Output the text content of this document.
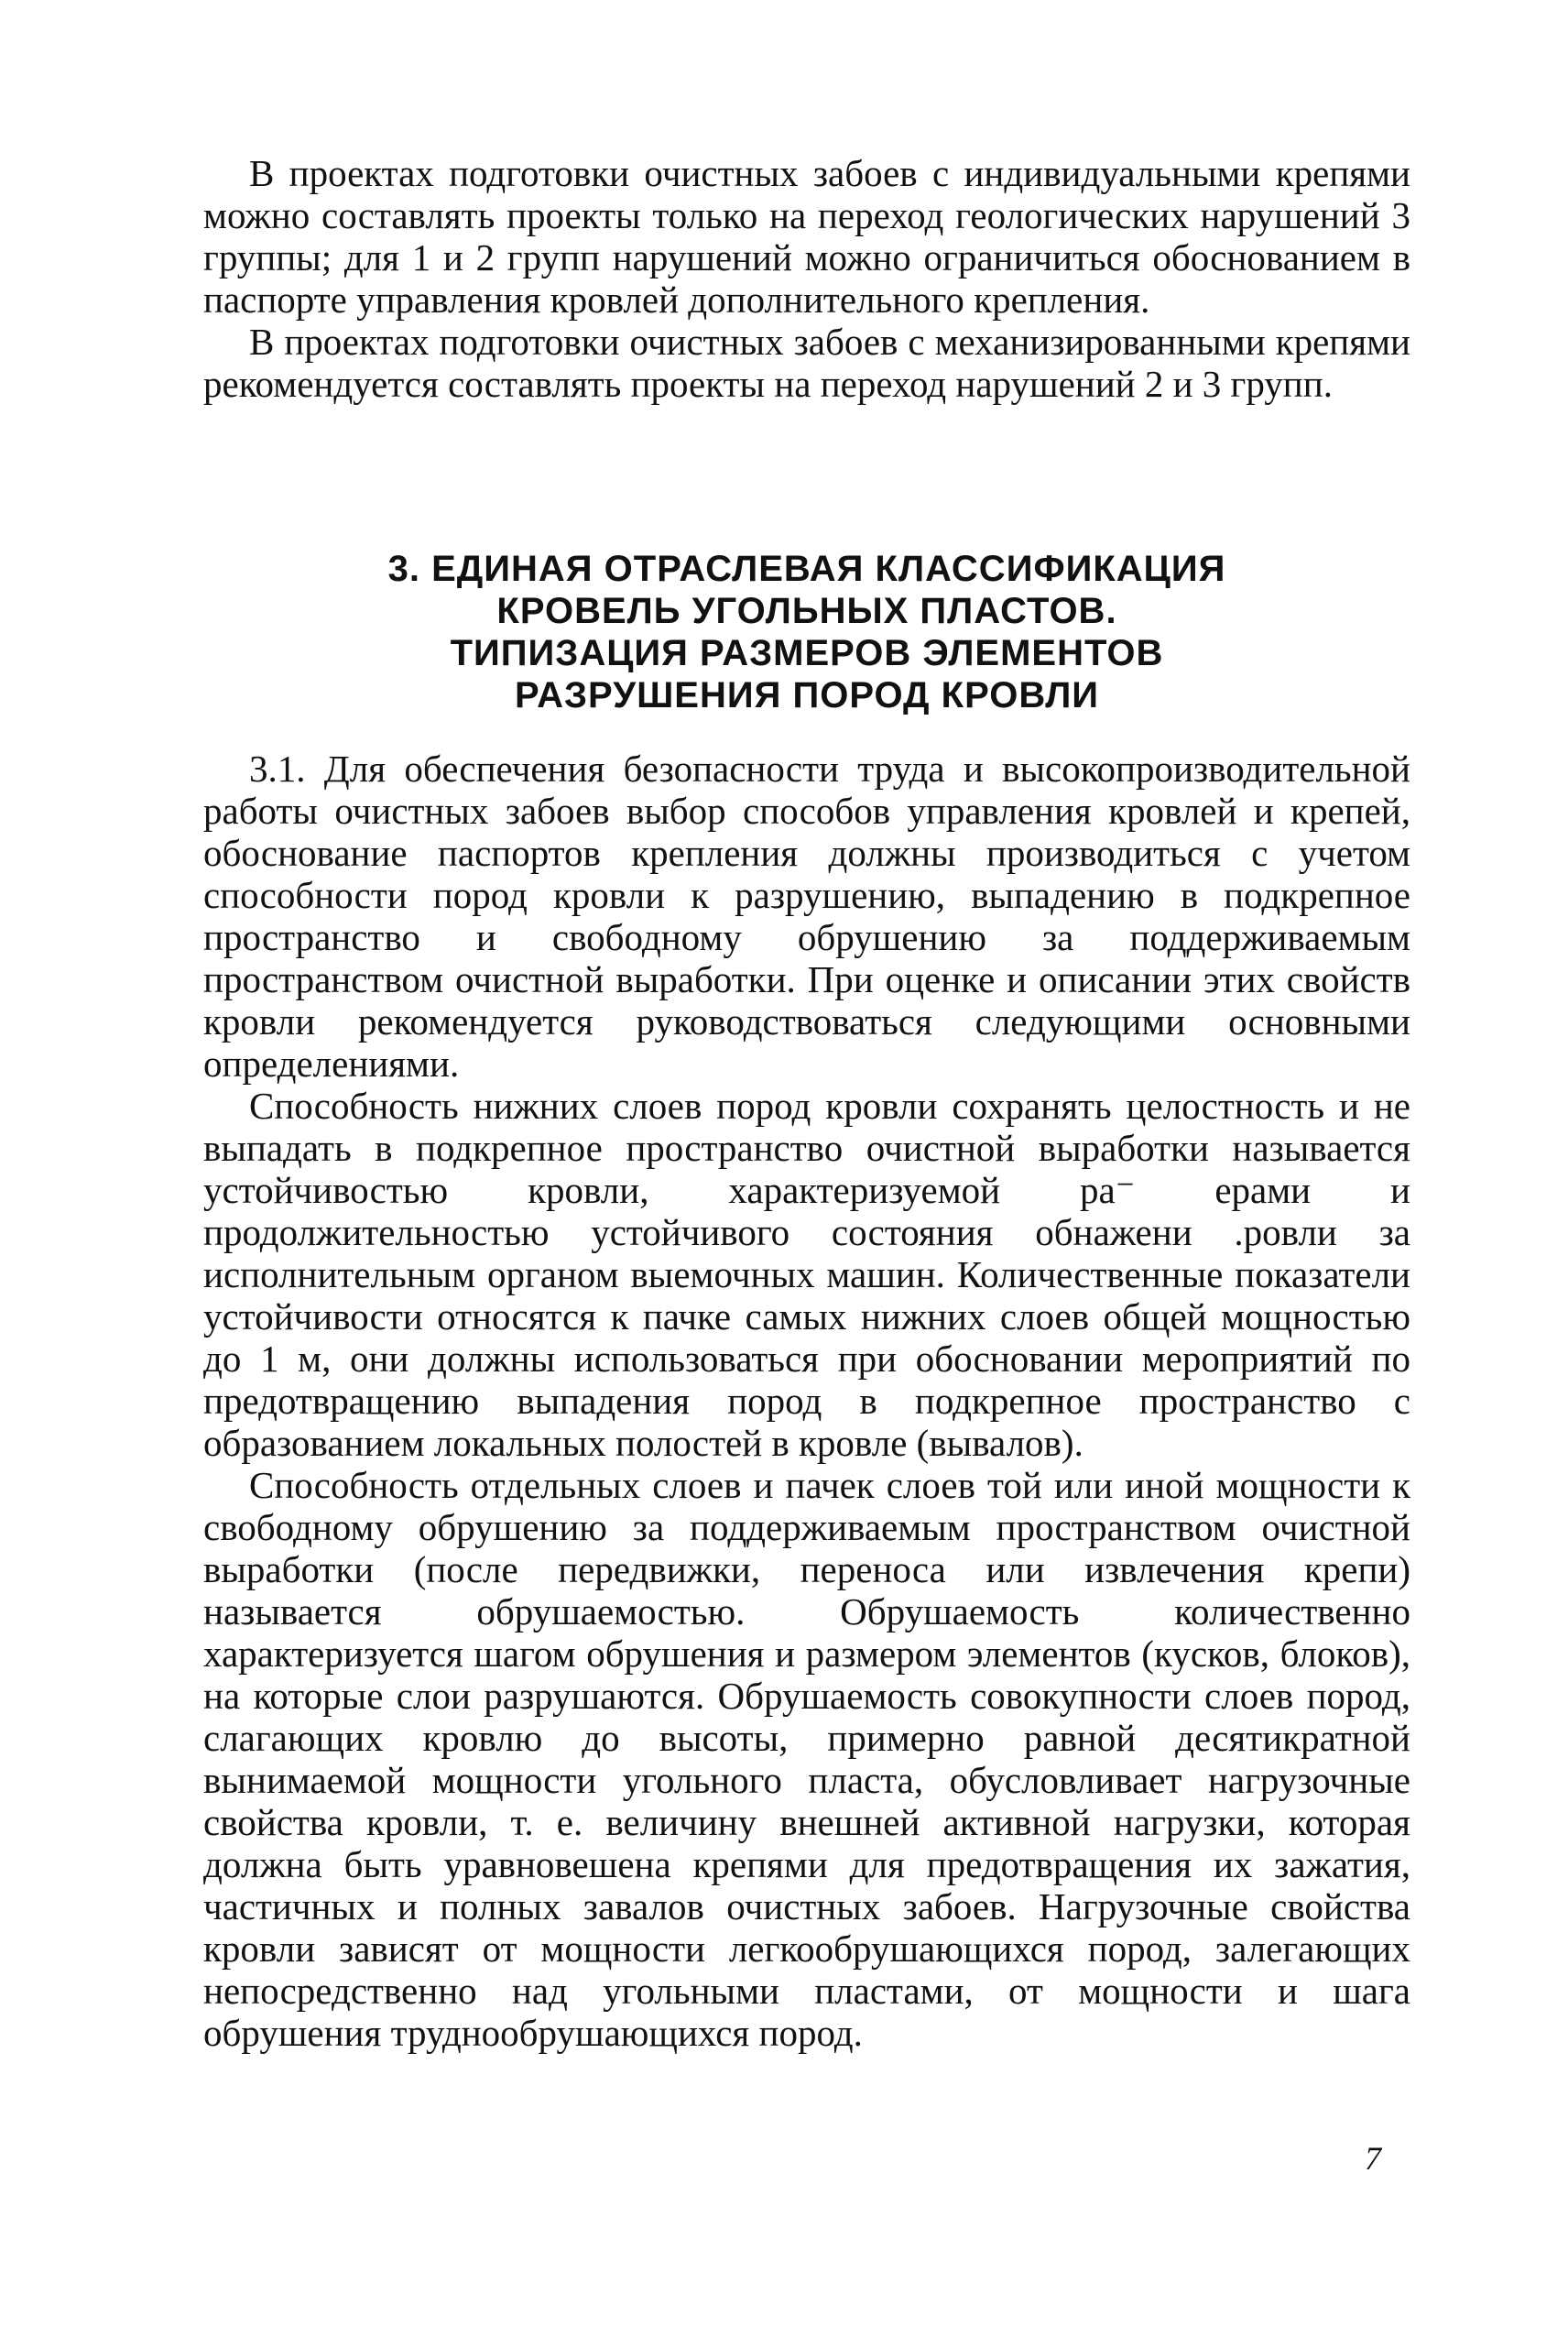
В проектах подготовки очистных забоев с индивидуальными крепями можно составлять проекты только на переход геологических нарушений 3 группы; для 1 и 2 групп нарушений можно ограничиться обоснованием в паспорте управления кровлей дополнительного крепления.

В проектах подготовки очистных забоев с механизированными крепями рекомендуется составлять проекты на переход нарушений 2 и 3 групп.

3. ЕДИНАЯ ОТРАСЛЕВАЯ КЛАССИФИКАЦИЯ
КРОВЕЛЬ УГОЛЬНЫХ ПЛАСТОВ.
ТИПИЗАЦИЯ РАЗМЕРОВ ЭЛЕМЕНТОВ
РАЗРУШЕНИЯ ПОРОД КРОВЛИ

3.1. Для обеспечения безопасности труда и высокопроизводительной работы очистных забоев выбор способов управления кровлей и крепей, обоснование паспортов крепления должны производиться с учетом способности пород кровли к разрушению, выпадению в подкрепное пространство и свободному обрушению за поддерживаемым пространством очистной выработки. При оценке и описании этих свойств кровли рекомендуется руководствоваться следующими основными определениями.

Способность нижних слоев пород кровли сохранять целостность и не выпадать в подкрепное пространство очистной выработки называется устойчивостью кровли, характеризуемой ра⁻ ерами и продолжительностью устойчивого состояния обнажени .ровли за исполнительным органом выемочных машин. Количественные показатели устойчивости относятся к пачке самых нижних слоев общей мощностью до 1 м, они должны использоваться при обосновании мероприятий по предотвращению выпадения пород в подкрепное пространство с образованием локальных полостей в кровле (вывалов).

Способность отдельных слоев и пачек слоев той или иной мощности к свободному обрушению за поддерживаемым пространством очистной выработки (после передвижки, переноса или извлечения крепи) называется обрушаемостью. Обрушаемость количественно характеризуется шагом обрушения и размером элементов (кусков, блоков), на которые слои разрушаются. Обрушаемость совокупности слоев пород, слагающих кровлю до высоты, примерно равной десятикратной вынимаемой мощности угольного пласта, обусловливает нагрузочные свойства кровли, т. е. величину внешней активной нагрузки, которая должна быть уравновешена крепями для предотвращения их зажатия, частичных и полных завалов очистных забоев. Нагрузочные свойства кровли зависят от мощности легкообрушающихся пород, залегающих непосредственно над угольными пластами, от мощности и шага обрушения труднообрушающихся пород.

7
